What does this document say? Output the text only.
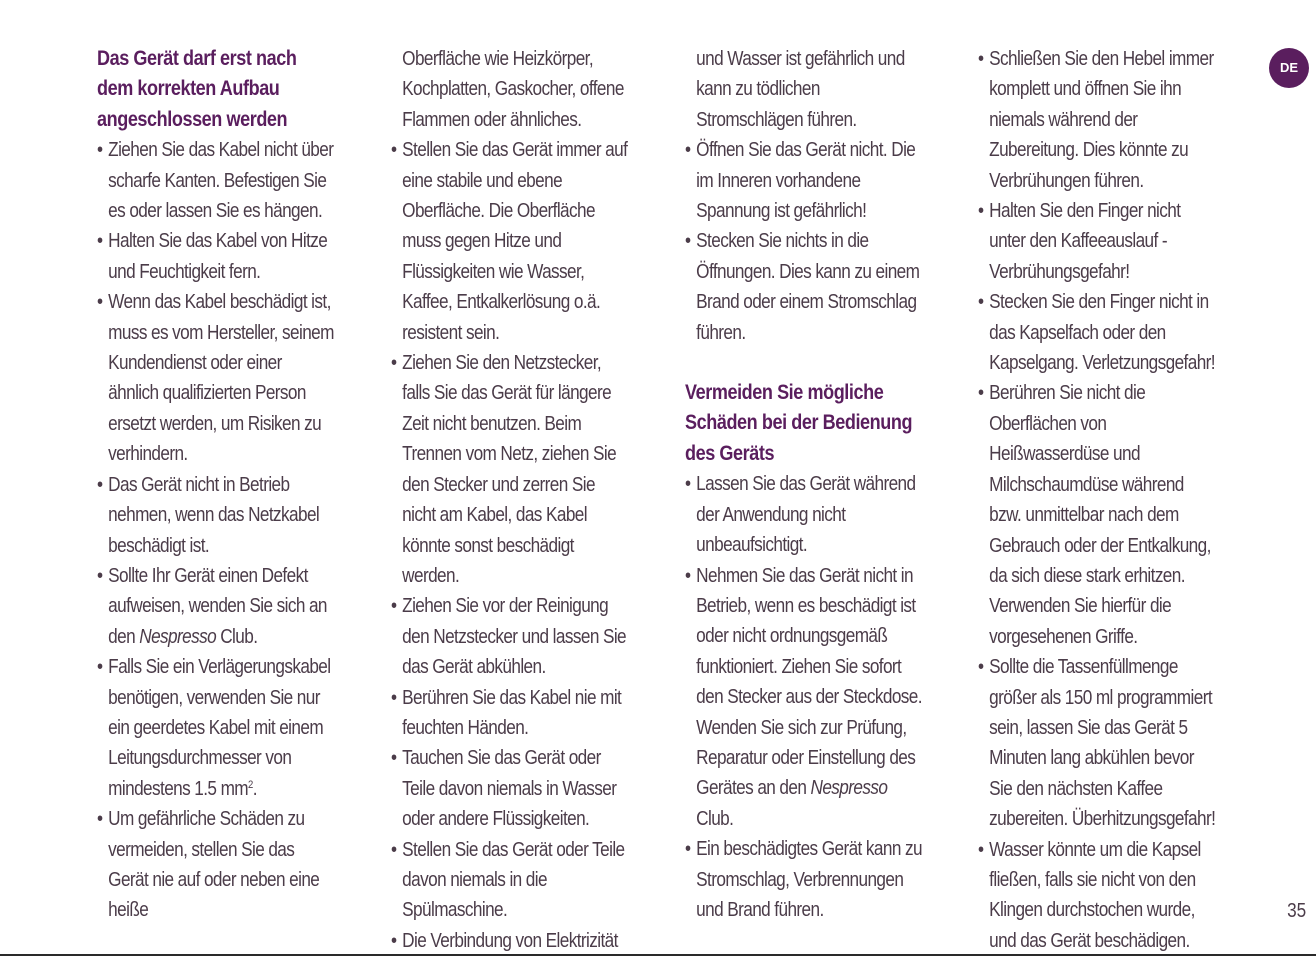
Das Gerät darf erst nach dem korrekten Aufbau angeschlossen werden
• Ziehen Sie das Kabel nicht über scharfe Kanten. Befestigen Sie es oder lassen Sie es hängen.
• Halten Sie das Kabel von Hitze und Feuchtigkeit fern.
• Wenn das Kabel beschädigt ist, muss es vom Hersteller, seinem Kundendienst oder einer ähnlich qualifizierten Person ersetzt werden, um Risiken zu verhindern.
• Das Gerät nicht in Betrieb nehmen, wenn das Netzkabel beschädigt ist.
• Sollte Ihr Gerät einen Defekt aufweisen, wenden Sie sich an den Nespresso Club.
• Falls Sie ein Verlägerungskabel benötigen, verwenden Sie nur ein geerdetes Kabel mit einem Leitungsdurchmesser von mindestens 1.5 $mm^2$.
• Um gefährliche Schäden zu vermeiden, stellen Sie das Gerät nie auf oder neben eine heiße

Oberfläche wie Heizkörper, Kochplatten, Gaskocher, offene Flammen oder ähnliches.

• Stellen Sie das Gerät immer auf eine stabile und ebene Oberfläche. Die Oberfläche muss gegen Hitze und Flüssigkeiten wie Wasser, Kaffee, Entkalkerlösung o.ä. resistent sein.
• Ziehen Sie den Netzstecker, falls Sie das Gerät für längere Zeit nicht benutzen. Beim Trennen vom Netz, ziehen Sie den Stecker und zerren Sie nicht am Kabel, das Kabel könnte sonst beschädigt werden.
• Ziehen Sie vor der Reinigung den Netzstecker und lassen Sie das Gerät abkühlen.
• Berühren Sie das Kabel nie mit feuchten Händen.
• Tauchen Sie das Gerät oder Teile davon niemals in Wasser oder andere Flüssigkeiten.
• Stellen Sie das Gerät oder Teile davon niemals in die Spülmaschine.
• Die Verbindung von Elektrizität

und Wasser ist gefährlich und kann zu tödlichen Stromschlägen führen.

• Öffnen Sie das Gerät nicht. Die im Inneren vorhandene Spannung ist gefährlich!
• Stecken Sie nichts in die Öffnungen. Dies kann zu einem Brand oder einem Stromschlag führen.
Vermeiden Sie mögliche Schäden bei der Bedienung des Geräts
• Lassen Sie das Gerät während der Anwendung nicht unbeaufsichtigt.
• Nehmen Sie das Gerät nicht in Betrieb, wenn es beschädigt ist oder nicht ordnungsgemäß funktioniert. Ziehen Sie sofort den Stecker aus der Steckdose. Wenden Sie sich zur Prüfung, Reparatur oder Einstellung des Gerätes an den Nespresso Club.
• Ein beschädigtes Gerät kann zu Stromschlag, Verbrennungen und Brand führen.
• Schließen Sie den Hebel immer komplett und öffnen Sie ihn niemals während der Zubereitung. Dies könnte zu Verbrühungen führen.
• Halten Sie den Finger nicht unter den Kaffeeauslauf -Verbrühungsgefahr!
• Stecken Sie den Finger nicht in das Kapselfach oder den Kapselgang. Verletzungsgefahr!
• Berühren Sie nicht die Oberflächen von Heißwasserdüse und Milchschaumdüse während bzw. unmittelbar nach dem Gebrauch oder der Entkalkung, da sich diese stark erhitzen. Verwenden Sie hierfür die vorgesehenen Griffe.
• Sollte die Tassenfüllmenge größer als 150 ml programmiert sein, lassen Sie das Gerät 5 Minuten lang abkühlen bevor Sie den nächsten Kaffee zubereiten. Überhitzungsgefahr!
• Wasser könnte um die Kapsel fließen, falls sie nicht von den Klingen durchstochen wurde, und das Gerät beschädigen.
DE
35
